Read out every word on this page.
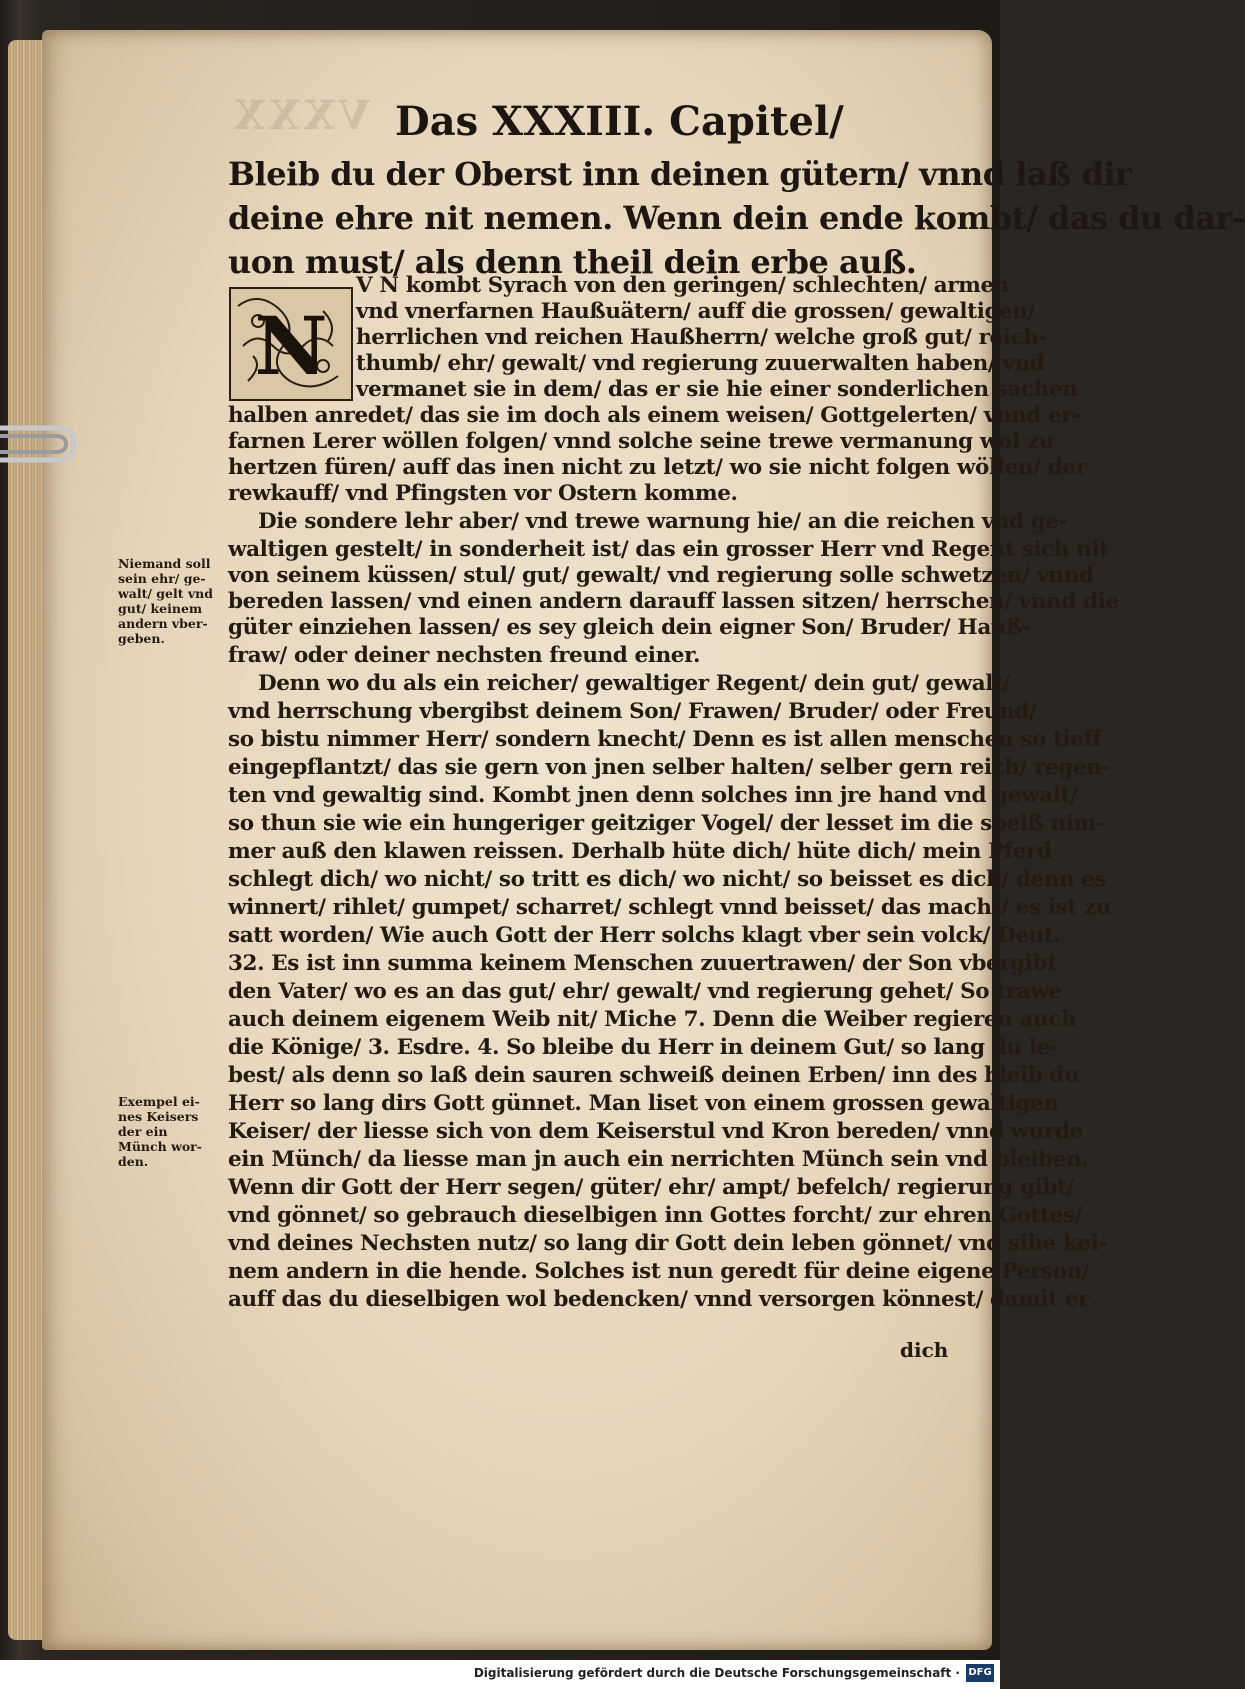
VXXX Das XXXIII. Capitel/
Bleib du der Oberst inn deinen gütern/ vnnd laß dir
deine ehre nit nemen. Wenn dein ende kombt/ das du dar-
uon must/ als denn theil dein erbe auß.
N
V N kombt Syrach von den geringen/ schlechten/ armen
vnd vnerfarnen Haußuätern/ auff die grossen/ gewaltigen/
herrlichen vnd reichen Haußherrn/ welche groß gut/ reich-
thumb/ ehr/ gewalt/ vnd regierung zuuerwalten haben/ vnd
vermanet sie in dem/ das er sie hie einer sonderlichen sachen
halben anredet/ das sie im doch als einem weisen/ Gottgelerten/ vnnd er-
farnen Lerer wöllen folgen/ vnnd solche seine trewe vermanung wol zu
hertzen füren/ auff das inen nicht zu letzt/ wo sie nicht folgen wöllen/ der
rewkauff/ vnd Pfingsten vor Ostern komme.
Die sondere lehr aber/ vnd trewe warnung hie/ an die reichen vnd ge-
waltigen gestelt/ in sonderheit ist/ das ein grosser Herr vnd Regent sich nit
von seinem küssen/ stul/ gut/ gewalt/ vnd regierung solle schwetzen/ vnnd
bereden lassen/ vnd einen andern darauff lassen sitzen/ herrschen/ vnnd die
güter einziehen lassen/ es sey gleich dein eigner Son/ Bruder/ Hauß-
fraw/ oder deiner nechsten freund einer.
Denn wo du als ein reicher/ gewaltiger Regent/ dein gut/ gewalt/
vnd herrschung vbergibst deinem Son/ Frawen/ Bruder/ oder Freund/
so bistu nimmer Herr/ sondern knecht/ Denn es ist allen menschen so tieff
eingepflantzt/ das sie gern von jnen selber halten/ selber gern reich/ regen-
ten vnd gewaltig sind. Kombt jnen denn solches inn jre hand vnd gewalt/
so thun sie wie ein hungeriger geitziger Vogel/ der lesset im die speiß nim-
mer auß den klawen reissen. Derhalb hüte dich/ hüte dich/ mein Pferd
schlegt dich/ wo nicht/ so tritt es dich/ wo nicht/ so beisset es dich/ denn es
winnert/ rihlet/ gumpet/ scharret/ schlegt vnnd beisset/ das macht/ es ist zu
satt worden/ Wie auch Gott der Herr solchs klagt vber sein volck/ Deut.
32. Es ist inn summa keinem Menschen zuuertrawen/ der Son vbergibt
den Vater/ wo es an das gut/ ehr/ gewalt/ vnd regierung gehet/ So trawe
auch deinem eigenem Weib nit/ Miche 7. Denn die Weiber regieren auch
die Könige/ 3. Esdre. 4. So bleibe du Herr in deinem Gut/ so lang du le-
best/ als denn so laß dein sauren schweiß deinen Erben/ inn des bleib du
Herr so lang dirs Gott günnet. Man liset von einem grossen gewaltigen
Keiser/ der liesse sich von dem Keiserstul vnd Kron bereden/ vnnd wurde
ein Münch/ da liesse man jn auch ein nerrichten Münch sein vnd bleiben.
Wenn dir Gott der Herr segen/ güter/ ehr/ ampt/ befelch/ regierung gibt/
vnd gönnet/ so gebrauch dieselbigen inn Gottes forcht/ zur ehren Gottes/
vnd deines Nechsten nutz/ so lang dir Gott dein leben gönnet/ vnd sihe kei-
nem andern in die hende. Solches ist nun geredt für deine eigene Person/
auff das du dieselbigen wol bedencken/ vnnd versorgen könnest/ damit er
Niemand soll
sein ehr/ ge-
walt/ gelt vnd
gut/ keinem
andern vber-
geben.
Exempel ei-
nes Keisers
der ein
Münch wor-
den.
dich
Digitalisierung gefördert durch die Deutsche Forschungsgemeinschaft · DFG
